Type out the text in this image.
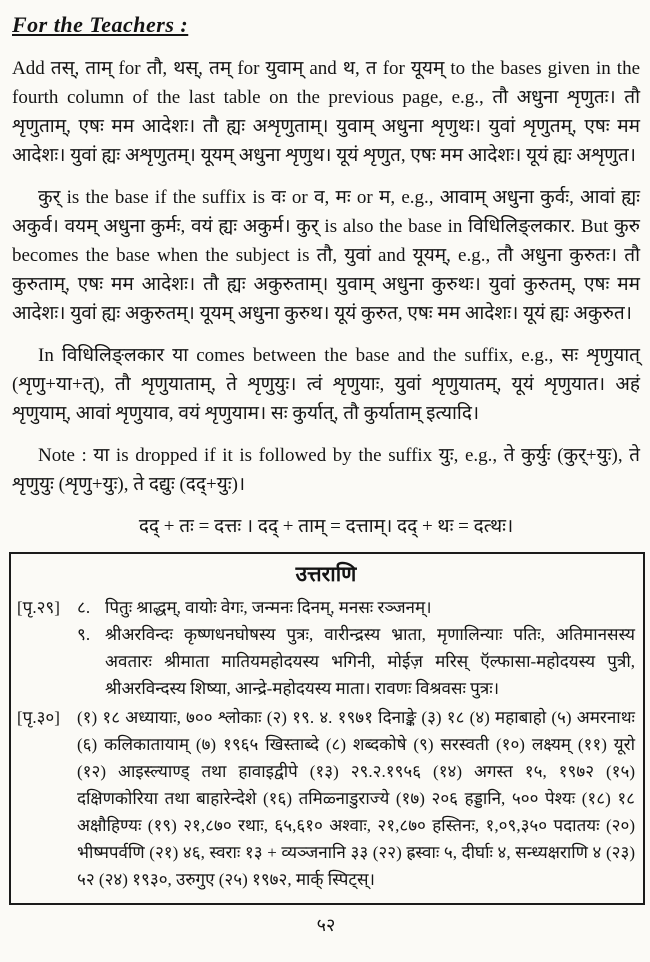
For the Teachers :

Add तस्, ताम् for तौ, थस्, तम् for युवाम् and थ, त for यूयम् to the bases given in the fourth column of the last table on the previous page, e.g., तौ अधुना शृणुतः। तौ शृणुताम्, एषः मम आदेशः। तौ ह्यः अशृणुताम्। युवाम् अधुना शृणुथः। युवां शृणुतम्, एषः मम आदेशः। युवां ह्यः अशृणुतम्। यूयम् अधुना शृणुथ। यूयं शृणुत, एषः मम आदेशः। यूयं ह्यः अशृणुत।

कुर् is the base if the suffix is वः or व, मः or म, e.g., आवाम् अधुना कुर्वः, आवां ह्यः अकुर्व। वयम् अधुना कुर्मः, वयं ह्यः अकुर्म। कुर् is also the base in विधिलिङ्लकार. But कुरु becomes the base when the subject is तौ, युवां and यूयम्, e.g., तौ अधुना कुरुतः। तौ कुरुताम्, एषः मम आदेशः। तौ ह्यः अकुरुताम्। युवाम् अधुना कुरुथः। युवां कुरुतम्, एषः मम आदेशः। युवां ह्यः अकुरुतम्। यूयम् अधुना कुरुथ। यूयं कुरुत, एषः मम आदेशः। यूयं ह्यः अकुरुत।

In विधिलिङ्लकार या comes between the base and the suffix, e.g., सः शृणुयात् (शृणु+या+त्), तौ शृणुयाताम्, ते शृणुयुः। त्वं शृणुयाः, युवां शृणुयातम्, यूयं शृणुयात। अहं शृणुयाम्, आवां शृणुयाव, वयं शृणुयाम। सः कुर्यात्, तौ कुर्याताम् इत्यादि।

Note : या is dropped if it is followed by the suffix युः, e.g., ते कुर्युः (कुर्+युः), ते शृणुयुः (शृणु+युः), ते दद्युः (दद्+युः)।

दद् + तः = दत्तः । दद् + ताम् = दत्ताम्। दद् + थः = दत्थः।
उत्तराणि
[पृ.२९]	८. पितुः श्राद्धम्, वायोः वेगः, जन्मनः दिनम्, मनसः रञ्जनम्।
९. श्रीअरविन्दः कृष्णधनघोषस्य पुत्रः, वारीन्द्रस्य भ्राता, मृणालिन्याः पतिः, अतिमानसस्य अवतारः श्रीमाता मातियमहोदयस्य भगिनी, मोईज़ मरिस् ऍल्फासा-महोदयस्य पुत्री, श्रीअरविन्दस्य शिष्या, आन्द्रे-महोदयस्य माता। रावणः विश्रवसः पुत्रः।
[पृ.३०]	(१) १८ अध्यायाः, ७०० श्लोकाः (२) १९. ४. १९७१ दिनाङ्के (३) १८ (४) महाबाहो (५) अमरनाथः (६) कलिकातायाम् (७) १९६५ खिस्ताब्दे (८) शब्दकोषे (९) सरस्वती (१०) लक्ष्यम् (११) यूरो (१२) आइस्ल्याण्ड् तथा हावाइद्वीपे (१३) २९.२.१९५६ (१४) अगस्त १५, १९७२ (१५) दक्षिणकोरिया तथा बाहारेन्देशे (१६) तमिळ्नाडुराज्ये (१७) २०६ हड्डानि, ५०० पेश्यः (१८) १८ अक्षौहिण्यः (१९) २१,८७० रथाः, ६५,६१० अश्वाः, २१,८७० हस्तिनः, १,०९,३५० पदातयः (२०) भीष्मपर्वणि (२१) ४६, स्वराः १३ + व्यञ्जनानि ३३ (२२) ह्रस्वाः ५, दीर्घाः ४, सन्ध्यक्षराणि ४ (२३) ५२ (२४) १९३०, उरुगुए (२५) १९७२, मार्क् स्पिट्स्।
५२
